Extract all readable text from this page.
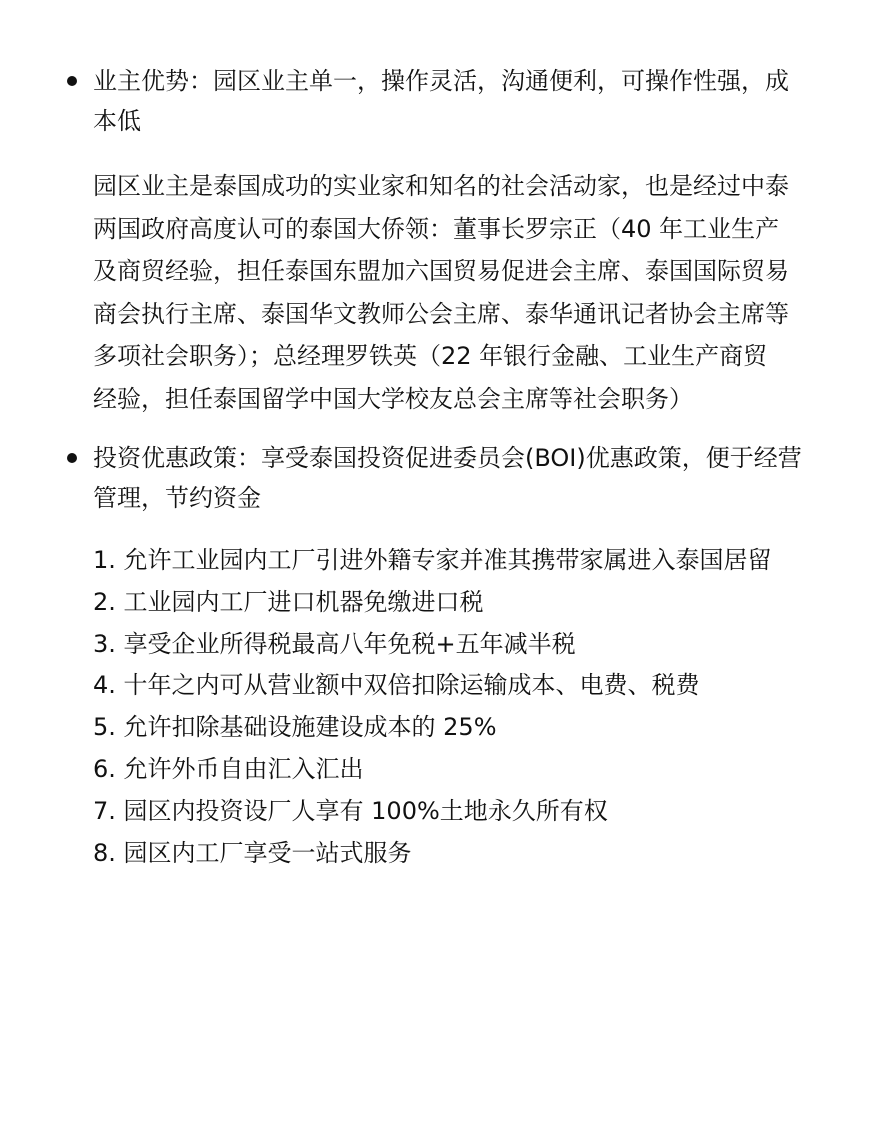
业主优势：园区业主单一，操作灵活，沟通便利，可操作性强，成
本低
园区业主是泰国成功的实业家和知名的社会活动家，也是经过中泰
两国政府高度认可的泰国大侨领：董事长罗宗正（40 年工业生产
及商贸经验，担任泰国东盟加六国贸易促进会主席、泰国国际贸易
商会执行主席、泰国华文教师公会主席、泰华通讯记者协会主席等
多项社会职务）；总经理罗铁英（22 年银行金融、工业生产商贸
经验，担任泰国留学中国大学校友总会主席等社会职务）
投资优惠政策：享受泰国投资促进委员会(BOI)优惠政策，便于经营
管理，节约资金
1. 允许工业园内工厂引进外籍专家并准其携带家属进入泰国居留
2. 工业园内工厂进口机器免缴进口税
3. 享受企业所得税最高八年免税+五年减半税
4. 十年之内可从营业额中双倍扣除运输成本、电费、税费
5. 允许扣除基础设施建设成本的 25%
6. 允许外币自由汇入汇出
7. 园区内投资设厂人享有 100%土地永久所有权
8. 园区内工厂享受一站式服务
